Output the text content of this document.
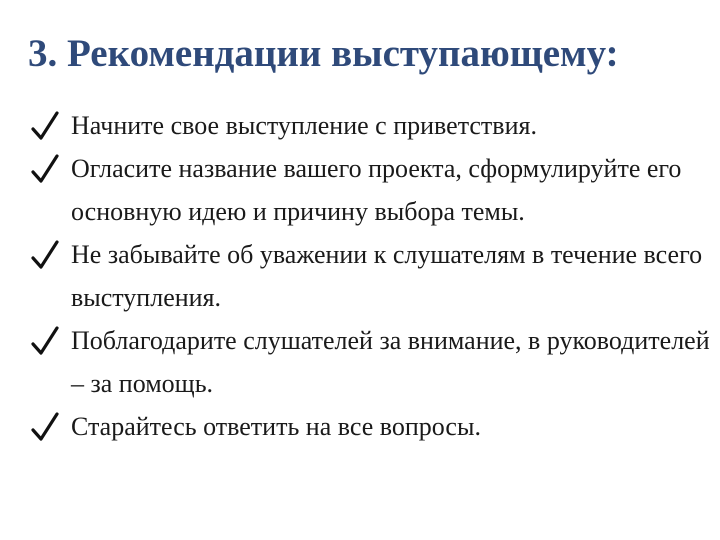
3. Рекомендации выступающему:
Начните свое выступление с приветствия.
Огласите название вашего проекта, сформулируйте его основную идею и причину выбора темы.
Не забывайте об уважении к слушателям в течение всего выступления.
Поблагодарите слушателей за внимание, в руководителей – за помощь.
Старайтесь ответить на все вопросы.
